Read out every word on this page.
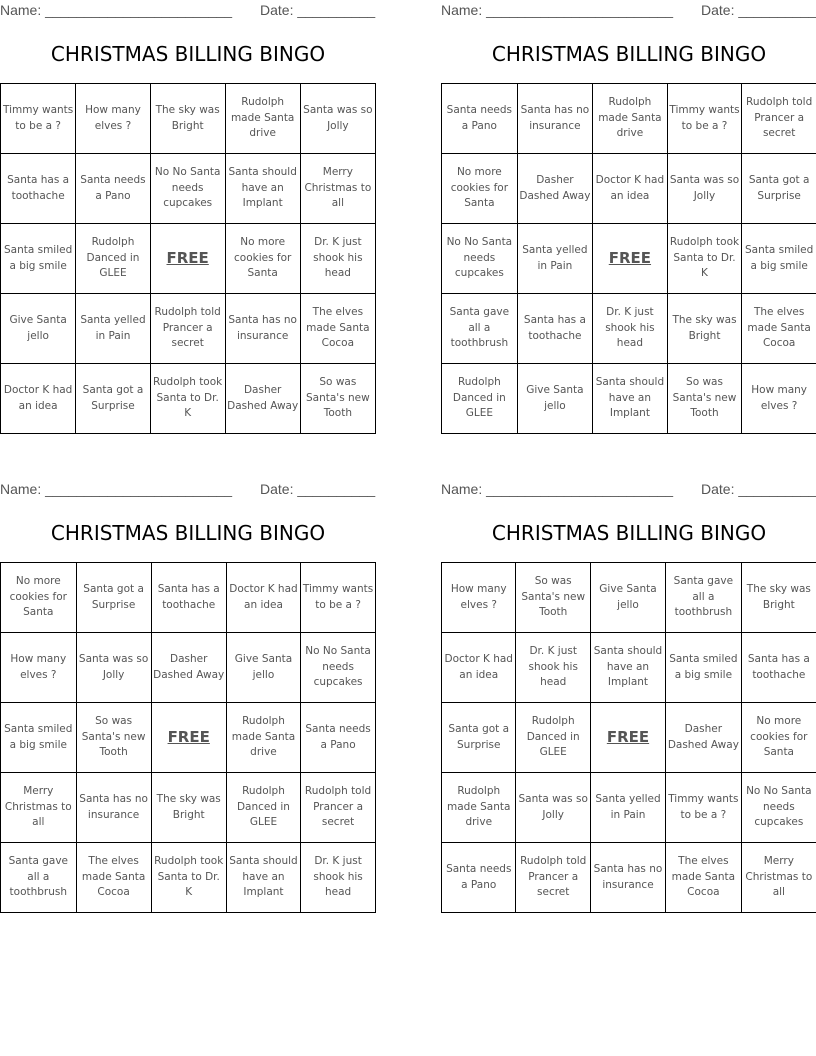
Name: ________________________ Date: __________
CHRISTMAS BILLING BINGO
Timmy wants to be a ?	How many elves ?	The sky was Bright	Rudolph made Santa drive	Santa was so Jolly
Santa has a toothache	Santa needs a Pano	No No Santa needs cupcakes	Santa should have an Implant	Merry Christmas to all
Santa smiled a big smile	Rudolph Danced in GLEE	FREE	No more cookies for Santa	Dr. K just shook his head
Give Santa jello	Santa yelled in Pain	Rudolph told Prancer a secret	Santa has no insurance	The elves made Santa Cocoa
Doctor K had an idea	Santa got a Surprise	Rudolph took Santa to Dr. K	Dasher Dashed Away	So was Santa's new Tooth
Name: ________________________ Date: __________
CHRISTMAS BILLING BINGO
Santa needs a Pano	Santa has no insurance	Rudolph made Santa drive	Timmy wants to be a ?	Rudolph told Prancer a secret
No more cookies for Santa	Dasher Dashed Away	Doctor K had an idea	Santa was so Jolly	Santa got a Surprise
No No Santa needs cupcakes	Santa yelled in Pain	FREE	Rudolph took Santa to Dr. K	Santa smiled a big smile
Santa gave all a toothbrush	Santa has a toothache	Dr. K just shook his head	The sky was Bright	The elves made Santa Cocoa
Rudolph Danced in GLEE	Give Santa jello	Santa should have an Implant	So was Santa's new Tooth	How many elves ?
Name: ________________________ Date: __________
CHRISTMAS BILLING BINGO
No more cookies for Santa	Santa got a Surprise	Santa has a toothache	Doctor K had an idea	Timmy wants to be a ?
How many elves ?	Santa was so Jolly	Dasher Dashed Away	Give Santa jello	No No Santa needs cupcakes
Santa smiled a big smile	So was Santa's new Tooth	FREE	Rudolph made Santa drive	Santa needs a Pano
Merry Christmas to all	Santa has no insurance	The sky was Bright	Rudolph Danced in GLEE	Rudolph told Prancer a secret
Santa gave all a toothbrush	The elves made Santa Cocoa	Rudolph took Santa to Dr. K	Santa should have an Implant	Dr. K just shook his head
Name: ________________________ Date: __________
CHRISTMAS BILLING BINGO
How many elves ?	So was Santa's new Tooth	Give Santa jello	Santa gave all a toothbrush	The sky was Bright
Doctor K had an idea	Dr. K just shook his head	Santa should have an Implant	Santa smiled a big smile	Santa has a toothache
Santa got a Surprise	Rudolph Danced in GLEE	FREE	Dasher Dashed Away	No more cookies for Santa
Rudolph made Santa drive	Santa was so Jolly	Santa yelled in Pain	Timmy wants to be a ?	No No Santa needs cupcakes
Santa needs a Pano	Rudolph told Prancer a secret	Santa has no insurance	The elves made Santa Cocoa	Merry Christmas to all
